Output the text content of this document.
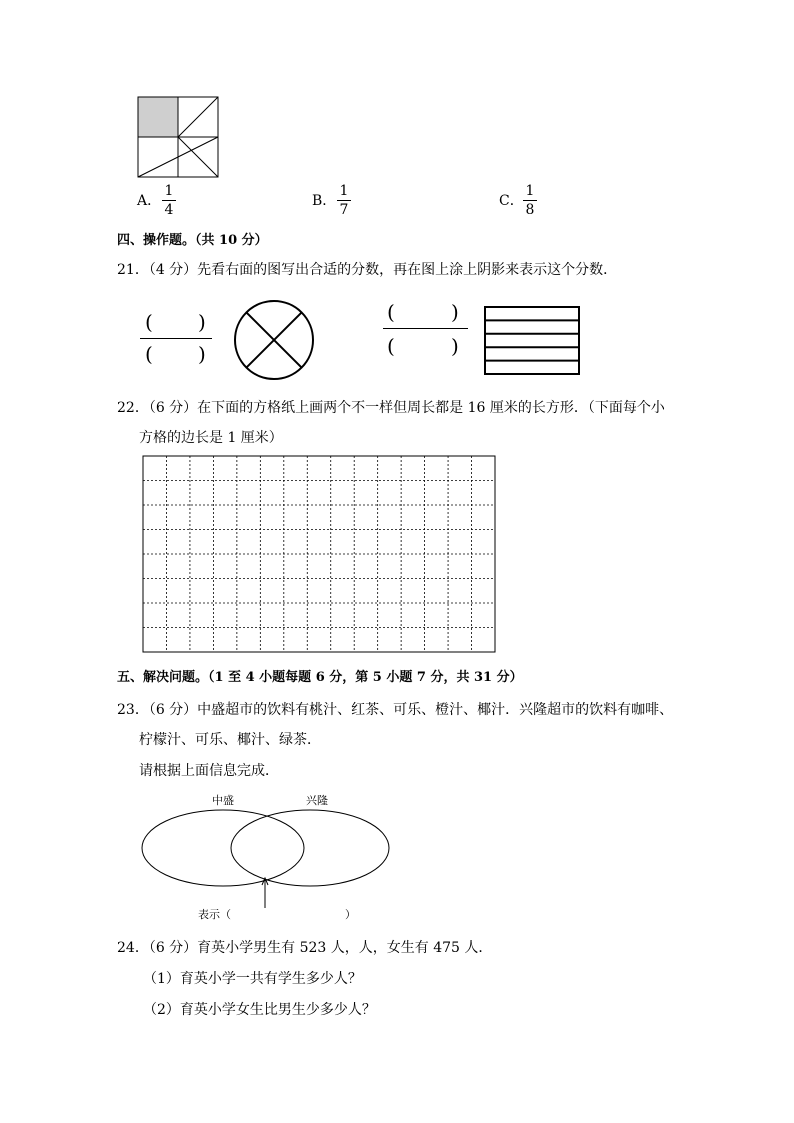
A．
1
4
B．
1
7
C．
1
8
四、操作题。（共 10 分）
21．（4 分）先看右面的图写出合适的分数，再在图上涂上阴影来表示这个分数．
( )
( )
(	)
(	)
22．（6 分）在下面的方格纸上画两个不一样但周长都是 16 厘米的长方形．（下面每个小
方格的边长是 1 厘米）
五、解决问题。（1 至 4 小题每题 6 分，第 5 小题 7 分，共 31 分）
23．（6 分）中盛超市的饮料有桃汁、红茶、可乐、橙汁、椰汁．兴隆超市的饮料有咖啡、
柠檬汁、可乐、椰汁、绿茶．
请根据上面信息完成．
中盛	兴隆
表示（	）
24．（6 分）育英小学男生有 523 人，人，女生有 475 人．
（1）育英小学一共有学生多少人？
（2）育英小学女生比男生少多少人？
